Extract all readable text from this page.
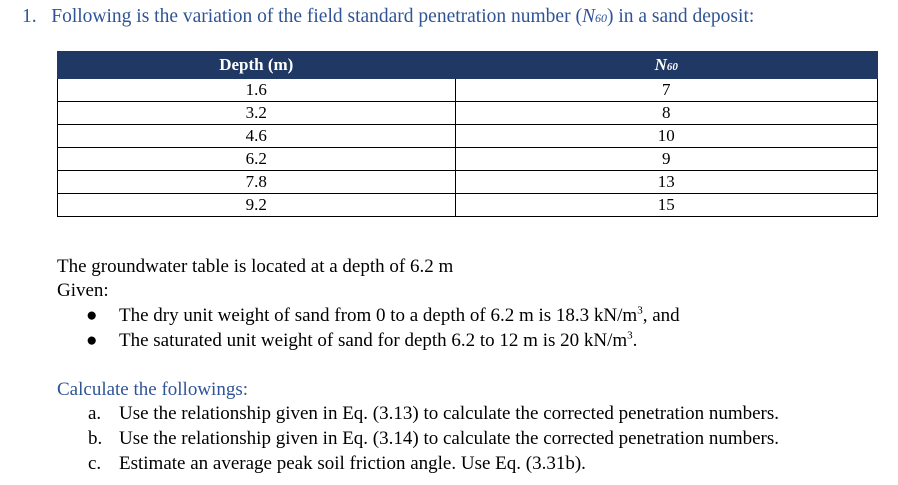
1. Following is the variation of the field standard penetration number (N60) in a sand deposit:
Depth (m)	N60
1.6	7
3.2	8
4.6	10
6.2	9
7.8	13
9.2	15
The groundwater table is located at a depth of 6.2 m
Given:
● The dry unit weight of sand from 0 to a depth of 6.2 m is 18.3 $kN/m^3$, and
● The saturated unit weight of sand for depth 6.2 to 12 m is 20 $kN/m^3$.
Calculate the followings:
a. Use the relationship given in Eq. (3.13) to calculate the corrected penetration numbers.
b. Use the relationship given in Eq. (3.14) to calculate the corrected penetration numbers.
c. Estimate an average peak soil friction angle. Use Eq. (3.31b).
